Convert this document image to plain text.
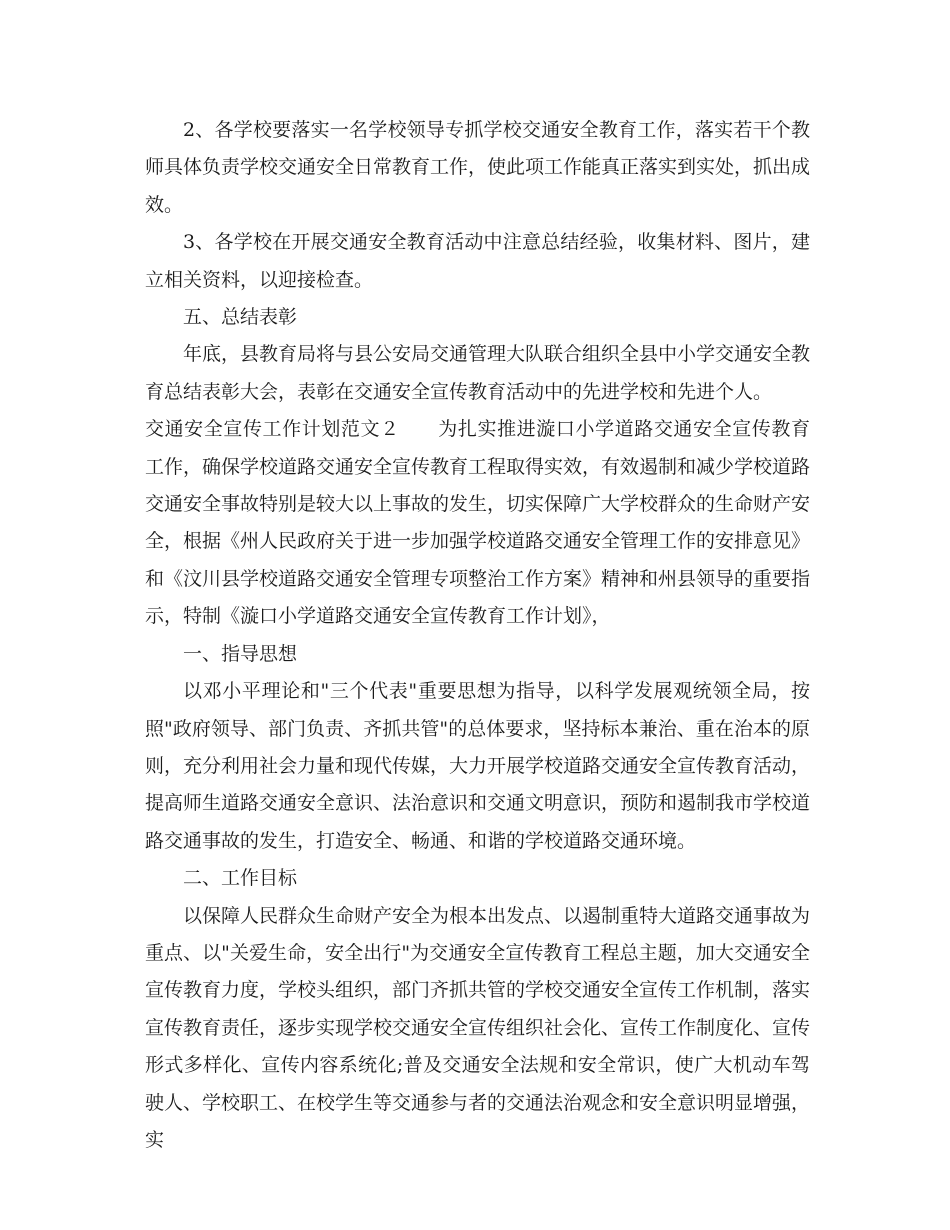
2、各学校要落实一名学校领导专抓学校交通安全教育工作，落实若干个教师具体负责学校交通安全日常教育工作，使此项工作能真正落实到实处，抓出成效。

3、各学校在开展交通安全教育活动中注意总结经验，收集材料、图片，建立相关资料，以迎接检查。

五、总结表彰

年底，县教育局将与县公安局交通管理大队联合组织全县中小学交通安全教育总结表彰大会，表彰在交通安全宣传教育活动中的先进学校和先进个人。

交通安全宣传工作计划范文２ 为扎实推进漩口小学道路交通安全宣传教育工作，确保学校道路交通安全宣传教育工程取得实效，有效遏制和减少学校道路交通安全事故特别是较大以上事故的发生，切实保障广大学校群众的生命财产安全，根据《州人民政府关于进一步加强学校道路交通安全管理工作的安排意见》和《汶川县学校道路交通安全管理专项整治工作方案》精神和州县领导的重要指示，特制《漩口小学道路交通安全宣传教育工作计划》，

一、指导思想

以邓小平理论和"三个代表"重要思想为指导，以科学发展观统领全局，按照"政府领导、部门负责、齐抓共管"的总体要求，坚持标本兼治、重在治本的原则，充分利用社会力量和现代传媒，大力开展学校道路交通安全宣传教育活动，提高师生道路交通安全意识、法治意识和交通文明意识，预防和遏制我市学校道路交通事故的发生，打造安全、畅通、和谐的学校道路交通环境。

二、工作目标

以保障人民群众生命财产安全为根本出发点、以遏制重特大道路交通事故为重点、以"关爱生命，安全出行"为交通安全宣传教育工程总主题，加大交通安全宣传教育力度，学校头组织，部门齐抓共管的学校交通安全宣传工作机制，落实宣传教育责任，逐步实现学校交通安全宣传组织社会化、宣传工作制度化、宣传形式多样化、宣传内容系统化;普及交通安全法规和安全常识，使广大机动车驾驶人、学校职工、在校学生等交通参与者的交通法治观念和安全意识明显增强，实
